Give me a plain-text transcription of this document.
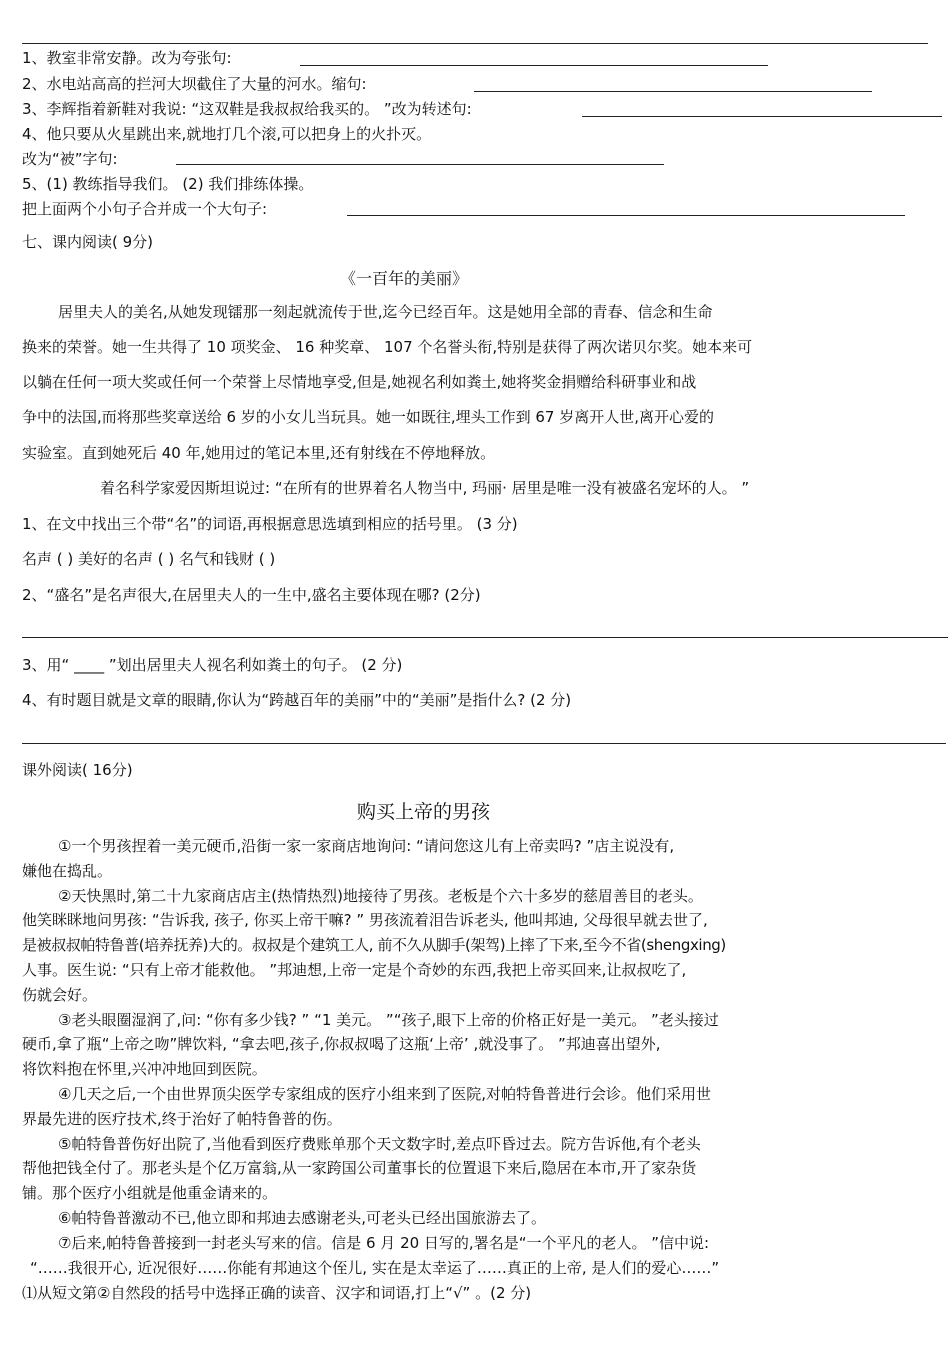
1、教室非常安静。改为夸张句:
2、水电站高高的拦河大坝截住了大量的河水。缩句:
3、李辉指着新鞋对我说: “这双鞋是我叔叔给我买的。 ”改为转述句:
4、他只要从火星跳出来,就地打几个滚,可以把身上的火扑灭。
改为“被”字句:
5、(1) 教练指导我们。 (2) 我们排练体操。
把上面两个小句子合并成一个大句子:
七、课内阅读( 9分)
《一百年的美丽》
居里夫人的美名,从她发现镭那一刻起就流传于世,迄今已经百年。这是她用全部的青春、信念和生命
换来的荣誉。她一生共得了 10 项奖金、 16 种奖章、 107 个名誉头衔,特别是获得了两次诺贝尔奖。她本来可
以躺在任何一项大奖或任何一个荣誉上尽情地享受,但是,她视名利如粪土,她将奖金捐赠给科研事业和战
争中的法国,而将那些奖章送给 6 岁的小女儿当玩具。她一如既往,埋头工作到 67 岁离开人世,离开心爱的
实验室。直到她死后 40 年,她用过的笔记本里,还有射线在不停地释放。
着名科学家爱因斯坦说过: “在所有的世界着名人物当中, 玛丽· 居里是唯一没有被盛名宠坏的人。 ”
1、在文中找出三个带“名”的词语,再根据意思选填到相应的括号里。 (3 分)
名声 ( ) 美好的名声 ( ) 名气和钱财 ( )
2、“盛名”是名声很大,在居里夫人的一生中,盛名主要体现在哪? (2分)
3、用“ ____ ”划出居里夫人视名利如粪土的句子。 (2 分)
4、有时题目就是文章的眼睛,你认为“跨越百年的美丽”中的“美丽”是指什么? (2 分)
课外阅读( 16分)
购买上帝的男孩
①一个男孩捏着一美元硬币,沿街一家一家商店地询问: “请问您这儿有上帝卖吗? ”店主说没有,
嫌他在捣乱。
②天快黑时,第二十九家商店店主(热情热烈)地接待了男孩。老板是个六十多岁的慈眉善目的老头。
他笑眯眯地问男孩: “告诉我, 孩子, 你买上帝干嘛? ” 男孩流着泪告诉老头, 他叫邦迪, 父母很早就去世了,
是被叔叔帕特鲁普(培养抚养)大的。叔叔是个建筑工人, 前不久从脚手(架驾)上摔了下来,至今不省(shengxing)
人事。医生说: “只有上帝才能救他。 ”邦迪想,上帝一定是个奇妙的东西,我把上帝买回来,让叔叔吃了,
伤就会好。
③老头眼圈湿润了,问: “你有多少钱? ” “1 美元。 ”“孩子,眼下上帝的价格正好是一美元。 ”老头接过
硬币,拿了瓶“上帝之吻”牌饮料, “拿去吧,孩子,你叔叔喝了这瓶‘上帝’ ,就没事了。 ”邦迪喜出望外,
将饮料抱在怀里,兴冲冲地回到医院。
④几天之后,一个由世界顶尖医学专家组成的医疗小组来到了医院,对帕特鲁普进行会诊。他们采用世
界最先进的医疗技术,终于治好了帕特鲁普的伤。
⑤帕特鲁普伤好出院了,当他看到医疗费账单那个天文数字时,差点吓昏过去。院方告诉他,有个老头
帮他把钱全付了。那老头是个亿万富翁,从一家跨国公司董事长的位置退下来后,隐居在本市,开了家杂货
铺。那个医疗小组就是他重金请来的。
⑥帕特鲁普激动不已,他立即和邦迪去感谢老头,可老头已经出国旅游去了。
⑦后来,帕特鲁普接到一封老头写来的信。信是 6 月 20 日写的,署名是“一个平凡的老人。 ”信中说:
“……我很开心, 近况很好……你能有邦迪这个侄儿, 实在是太幸运了……真正的上帝, 是人们的爱心……”
⑴从短文第②自然段的括号中选择正确的读音、汉字和词语,打上“√” 。(2 分)
